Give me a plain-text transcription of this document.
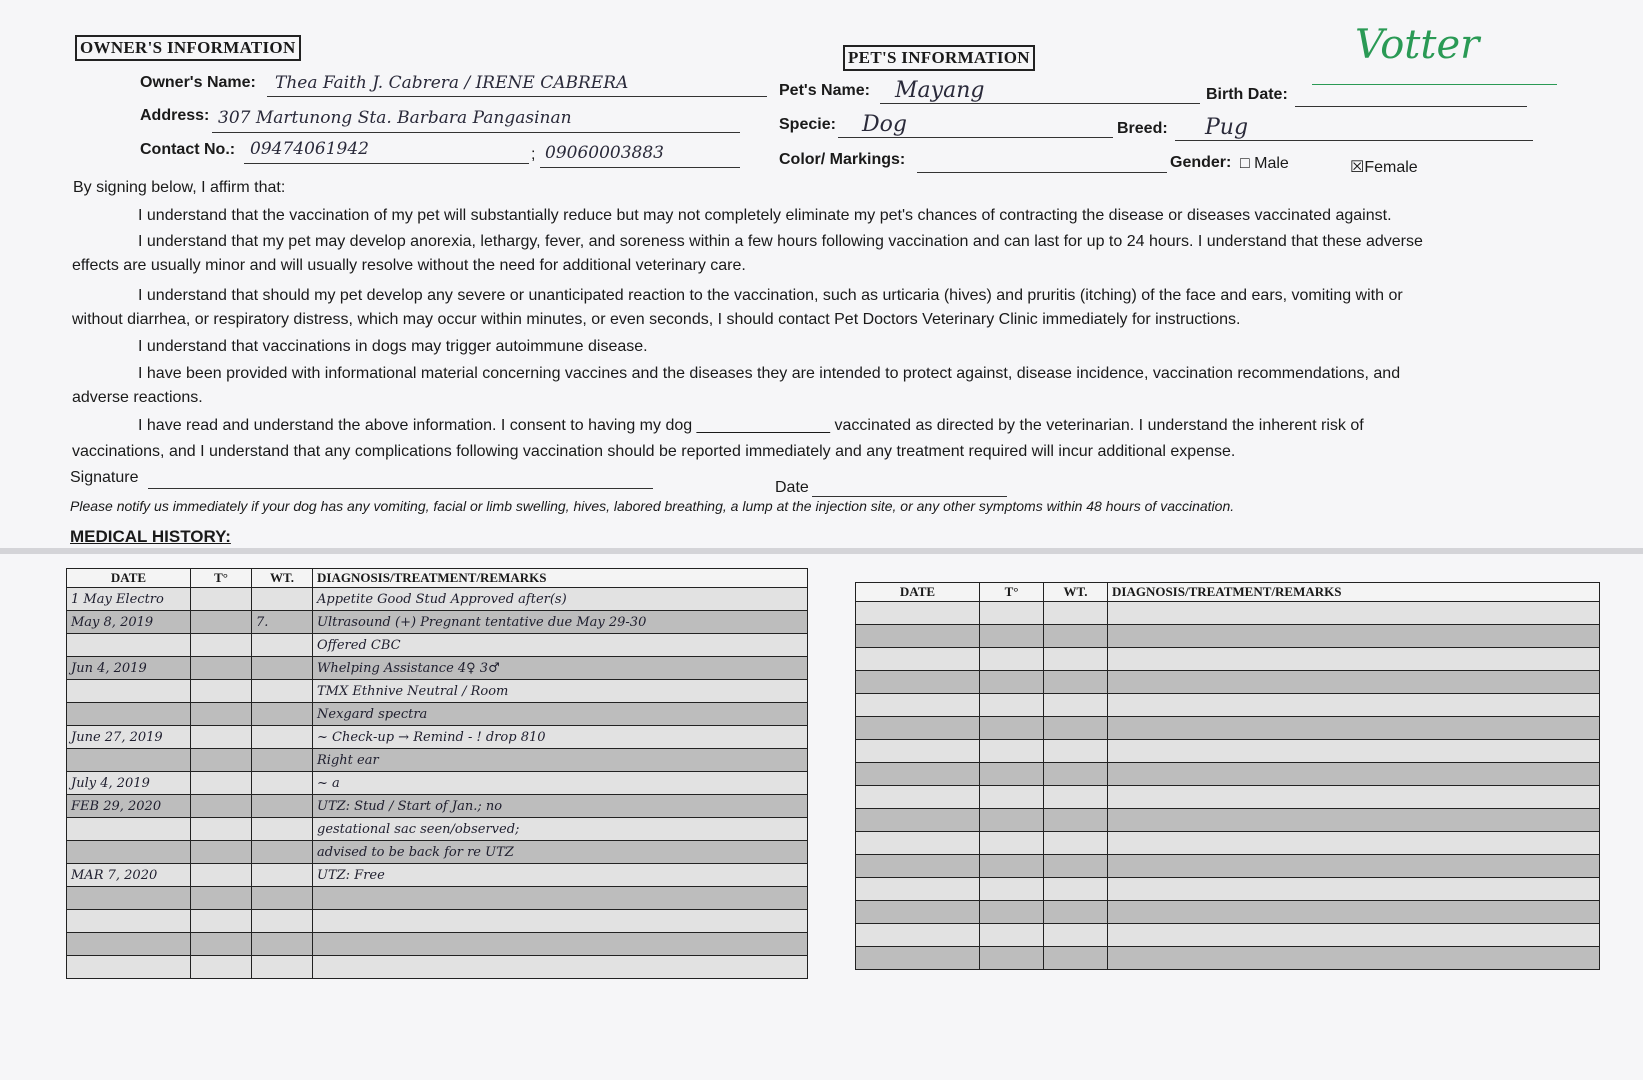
OWNER'S INFORMATION
Owner's Name: Thea Faith J. Cabrera / IRENE CABRERA
Address: 307 Martunong Sta. Barbara Pangasinan
Contact No.: 09474061942	; 09060003883
PET'S INFORMATION	Votter
Pet's Name: Mayang	Birth Date:
Specie: Dog	Breed: Pug
Color/ Markings:	Gender: □ Male	☒Female
By signing below, I affirm that:
I understand that the vaccination of my pet will substantially reduce but may not completely eliminate my pet's chances of contracting the disease or diseases vaccinated against.
I understand that my pet may develop anorexia, lethargy, fever, and soreness within a few hours following vaccination and can last for up to 24 hours. I understand that these adverse
effects are usually minor and will usually resolve without the need for additional veterinary care.
I understand that should my pet develop any severe or unanticipated reaction to the vaccination, such as urticaria (hives) and pruritis (itching) of the face and ears, vomiting with or
without diarrhea, or respiratory distress, which may occur within minutes, or even seconds, I should contact Pet Doctors Veterinary Clinic immediately for instructions.
I understand that vaccinations in dogs may trigger autoimmune disease.
I have been provided with informational material concerning vaccines and the diseases they are intended to protect against, disease incidence, vaccination recommendations, and
adverse reactions.
I have read and understand the above information. I consent to having my dog _______________ vaccinated as directed by the veterinarian. I understand the inherent risk of
vaccinations, and I understand that any complications following vaccination should be reported immediately and any treatment required will incur additional expense.
Signature
Date
Please notify us immediately if your dog has any vomiting, facial or limb swelling, hives, labored breathing, a lump at the injection site, or any other symptoms within 48 hours of vaccination.
MEDICAL HISTORY:
DATE	T°	WT.	DIAGNOSIS/TREATMENT/REMARKS
1 May Electro			Appetite Good Stud Approved after(s)
May 8, 2019		7.	Ultrasound (+) Pregnant tentative due May 29-30
			Offered CBC
Jun 4, 2019			Whelping Assistance 4♀ 3♂
			TMX Ethnive Neutral / Room
			Nexgard spectra
June 27, 2019			~ Check-up → Remind - ! drop 810
			Right ear
July 4, 2019			~ a
FEB 29, 2020			UTZ: Stud / Start of Jan.; no
			gestational sac seen/observed;
			advised to be back for re UTZ
MAR 7, 2020			UTZ: Free

DATE	T°	WT.	DIAGNOSIS/TREATMENT/REMARKS
